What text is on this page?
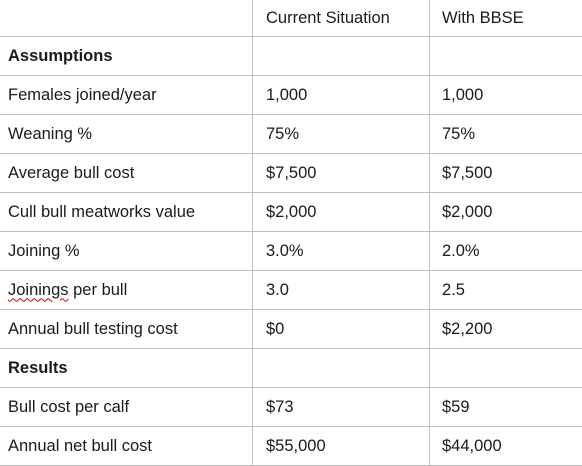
	Current Situation	With BBSE
Assumptions		
Females joined/year	1,000	1,000
Weaning %	75%	75%
Average bull cost	$7,500	$7,500
Cull bull meatworks value	$2,000	$2,000
Joining %	3.0%	2.0%
Joinings per bull	3.0	2.5
Annual bull testing cost	$0	$2,200
Results		
Bull cost per calf	$73	$59
Annual net bull cost	$55,000	$44,000
